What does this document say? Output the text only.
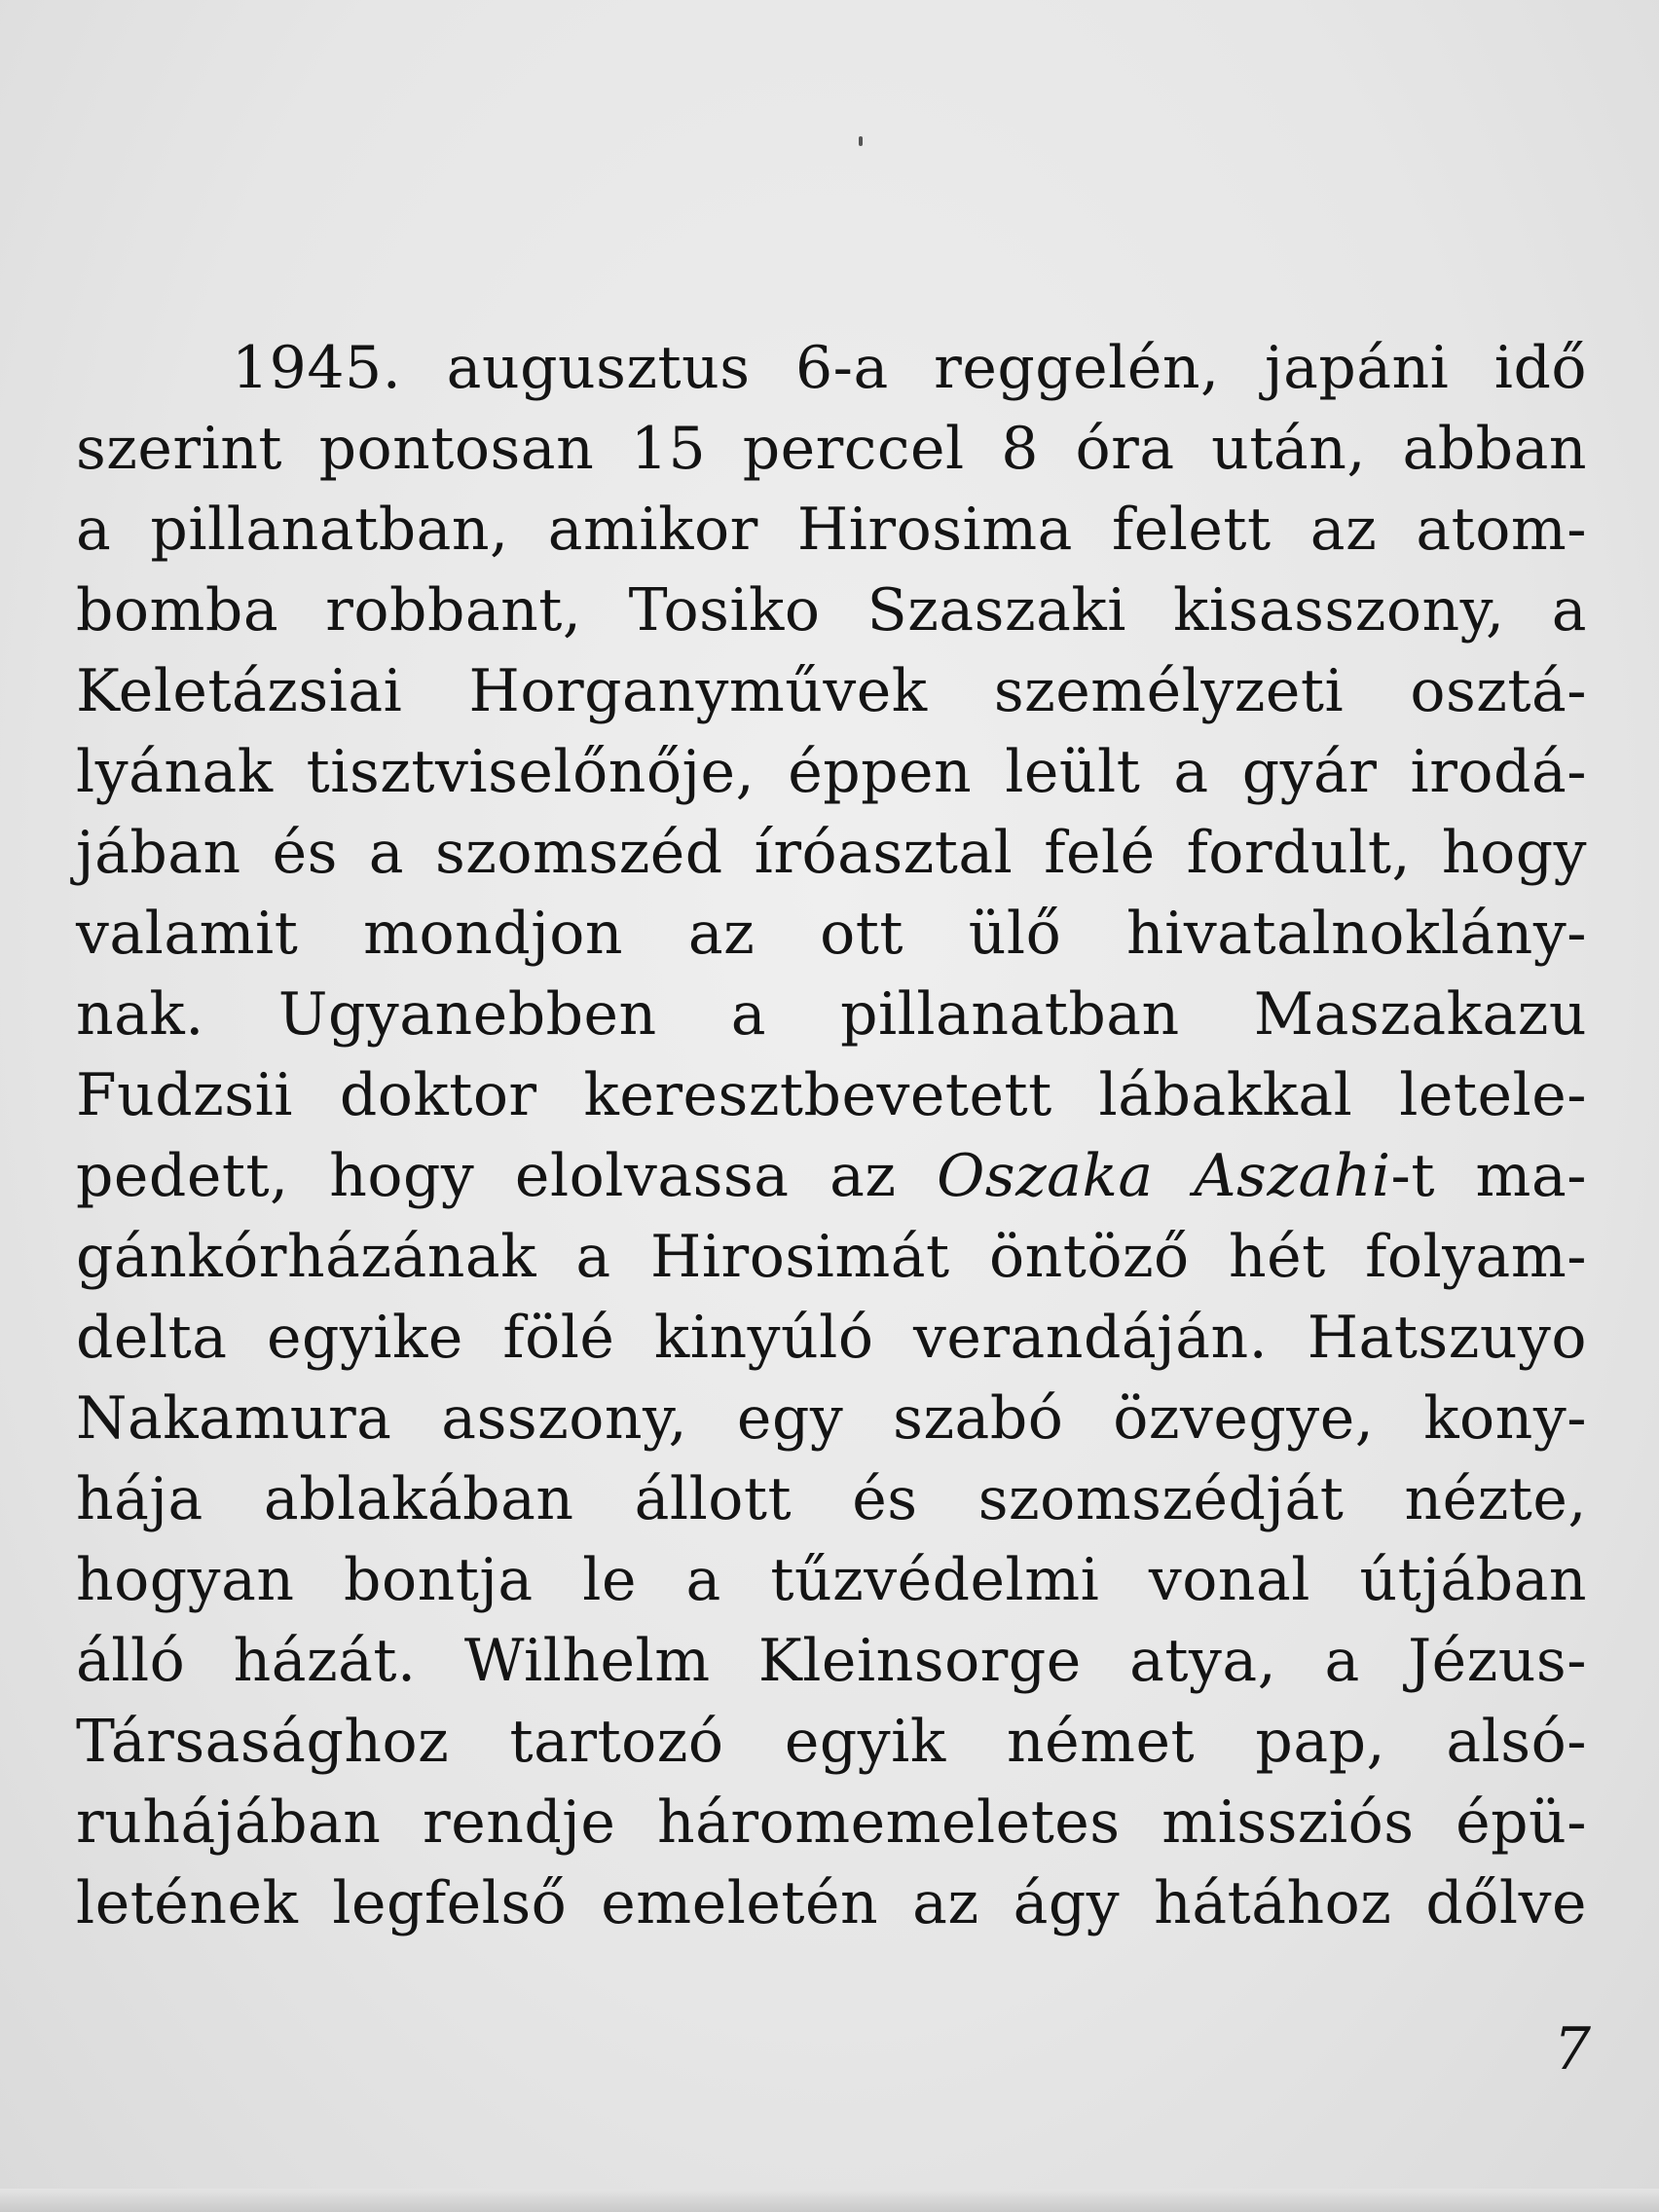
1945. augusztus 6-a reggelén, japáni idő
szerint pontosan 15 perccel 8 óra után, abban
a pillanatban, amikor Hirosima felett az atom-
bomba robbant, Tosiko Szaszaki kisasszony, a
Keletázsiai Horganyművek személyzeti osztá-
lyának tisztviselőnője, éppen leült a gyár irodá-
jában és a szomszéd íróasztal felé fordult, hogy
valamit mondjon az ott ülő hivatalnoklány-
nak. Ugyanebben a pillanatban Maszakazu
Fudzsii doktor keresztbevetett lábakkal letele-
pedett, hogy elolvassa az Oszaka Aszahi-t ma-
gánkórházának a Hirosimát öntöző hét folyam-
delta egyike fölé kinyúló verandáján. Hatszuyo
Nakamura asszony, egy szabó özvegye, kony-
hája ablakában állott és szomszédját nézte,
hogyan bontja le a tűzvédelmi vonal útjában
álló házát. Wilhelm Kleinsorge atya, a Jézus-
Társasághoz tartozó egyik német pap, alsó-
ruhájában rendje háromemeletes missziós épü-
letének legfelső emeletén az ágy hátához dőlve
7
